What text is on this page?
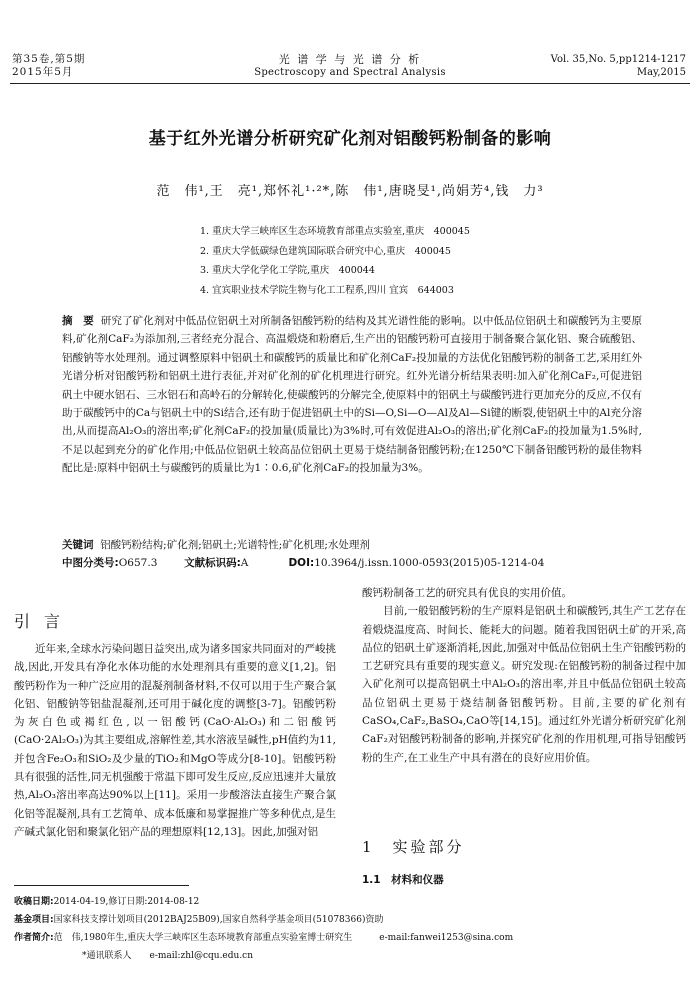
第35卷,第5期
2015年5月
光 谱 学 与 光 谱 分 析
Spectroscopy and Spectral Analysis
Vol. 35,No. 5,pp1214-1217
May,2015
基于红外光谱分析研究矿化剂对铝酸钙粉制备的影响
范　伟¹,王　亮¹,郑怀礼¹·²*,陈　伟¹,唐晓旻¹,尚娟芳⁴,钱　力³
1. 重庆大学三峡库区生态环境教育部重点实验室,重庆　400045
2. 重庆大学低碳绿色建筑国际联合研究中心,重庆　400045
3. 重庆大学化学化工学院,重庆　400044
4. 宜宾职业技术学院生物与化工工程系,四川 宜宾　644003
摘　要 研究了矿化剂对中低品位铝矾土对所制备铝酸钙粉的结构及其光谱性能的影响。以中低品位铝矾土和碳酸钙为主要原料,矿化剂CaF₂为添加剂,三者经充分混合、高温煅烧和粉磨后,生产出的铝酸钙粉可直接用于制备聚合氯化铝、聚合硫酸铝、铝酸钠等水处理剂。通过调整原料中铝矾土和碳酸钙的质量比和矿化剂CaF₂投加量的方法优化铝酸钙粉的制备工艺,采用红外光谱分析对铝酸钙粉和铝矾土进行表征,并对矿化剂的矿化机理进行研究。红外光谱分析结果表明:加入矿化剂CaF₂,可促进铝矾土中硬水铝石、三水铝石和高岭石的分解转化,使碳酸钙的分解完全,使原料中的铝矾土与碳酸钙进行更加充分的反应,不仅有助于碳酸钙中的Ca与铝矾土中的Si结合,还有助于促进铝矾土中的Si—O,Si—O—Al及Al—Si键的断裂,使铝矾土中的Al充分溶出,从而提高Al₂O₃的溶出率;矿化剂CaF₂的投加量(质量比)为3%时,可有效促进Al₂O₃的溶出;矿化剂CaF₂的投加量为1.5%时,不足以起到充分的矿化作用;中低品位铝矾土较高品位铝矾土更易于烧结制备铝酸钙粉;在1250℃下制备铝酸钙粉的最佳物料配比是:原料中铝矾土与碳酸钙的质量比为1∶0.6,矿化剂CaF₂的投加量为3%。
关键词 铝酸钙粉结构;矿化剂;铝矾土;光谱特性;矿化机理;水处理剂
中图分类号:O657.3	文献标识码:A	DOI:10.3964/j.issn.1000-0593(2015)05-1214-04
引言

近年来,全球水污染问题日益突出,成为诸多国家共同面对的严峻挑战,因此,开发具有净化水体功能的水处理剂具有重要的意义[1,2]。铝酸钙粉作为一种广泛应用的混凝剂制备材料,不仅可以用于生产聚合氯化铝、铝酸钠等铝盐混凝剂,还可用于碱化度的调整[3-7]。铝酸钙粉为灰白色或褐红色,以一铝酸钙(CaO·Al₂O₃)和二铝酸钙(CaO·2Al₂O₃)为其主要组成,溶解性差,其水溶液呈碱性,pH值约为11,并包含Fe₂O₃和SiO₂及少量的TiO₂和MgO等成分[8-10]。铝酸钙粉具有很强的活性,同无机强酸于常温下即可发生反应,反应迅速并大量放热,Al₂O₃溶出率高达90%以上[11]。采用一步酸溶法直接生产聚合氯化铝等混凝剂,具有工艺简单、成本低廉和易掌握推广等多种优点,是生产碱式氯化铝和聚氯化铝产品的理想原料[12,13]。因此,加强对铝

酸钙粉制备工艺的研究具有优良的实用价值。

目前,一般铝酸钙粉的生产原料是铝矾土和碳酸钙,其生产工艺存在着煅烧温度高、时间长、能耗大的问题。随着我国铝矾土矿的开采,高品位的铝矾土矿逐渐消耗,因此,加强对中低品位铝矾土生产铝酸钙粉的工艺研究具有重要的现实意义。研究发现:在铝酸钙粉的制备过程中加入矿化剂可以提高铝矾土中Al₂O₃的溶出率,并且中低品位铝矾土较高品位铝矾土更易于烧结制备铝酸钙粉。目前,主要的矿化剂有CaSO₄,CaF₂,BaSO₄,CaO等[14,15]。通过红外光谱分析研究矿化剂CaF₂对铝酸钙粉制备的影响,并探究矿化剂的作用机理,可指导铝酸钙粉的生产,在工业生产中具有潜在的良好应用价值。

1　实验部分
1.1　材料和仪器
收稿日期:2014-04-19,修订日期:2014-08-12
基金项目:国家科技支撑计划项目(2012BAJ25B09),国家自然科学基金项目(51078366)资助
作者简介:范　伟,1980年生,重庆大学三峡库区生态环境教育部重点实验室博士研究生　　　e-mail:fanwei1253@sina.com
*通讯联系人　　e-mail:zhl@cqu.edu.cn
